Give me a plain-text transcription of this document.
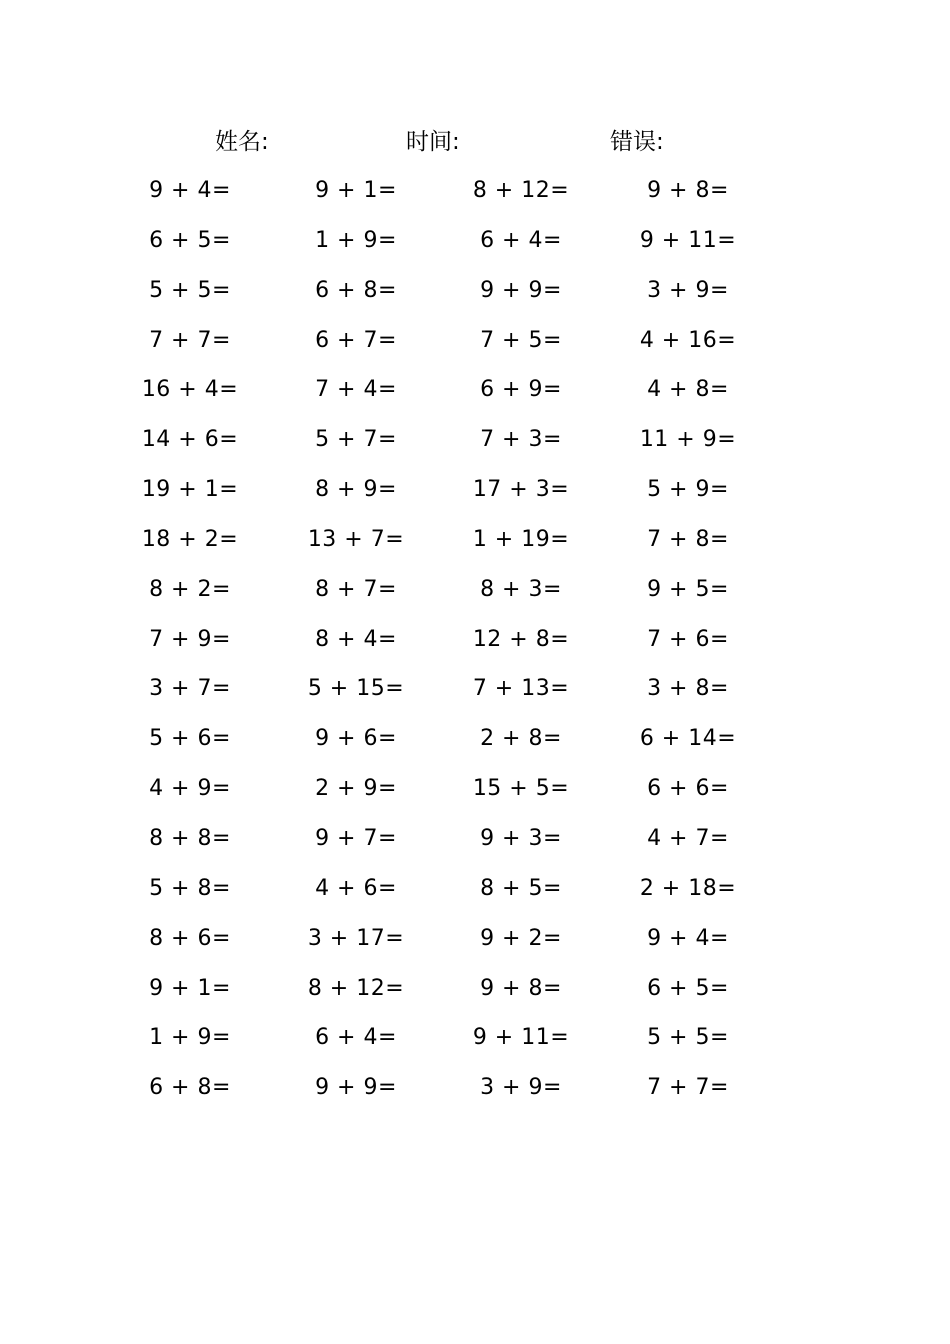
姓名:	时间:	错误:
9 + 4=	9 + 1=	8 + 12=	9 + 8=
6 + 5=	1 + 9=	6 + 4=	9 + 11=
5 + 5=	6 + 8=	9 + 9=	3 + 9=
7 + 7=	6 + 7=	7 + 5=	4 + 16=
16 + 4=	7 + 4=	6 + 9=	4 + 8=
14 + 6=	5 + 7=	7 + 3=	11 + 9=
19 + 1=	8 + 9=	17 + 3=	5 + 9=
18 + 2=	13 + 7=	1 + 19=	7 + 8=
8 + 2=	8 + 7=	8 + 3=	9 + 5=
7 + 9=	8 + 4=	12 + 8=	7 + 6=
3 + 7=	5 + 15=	7 + 13=	3 + 8=
5 + 6=	9 + 6=	2 + 8=	6 + 14=
4 + 9=	2 + 9=	15 + 5=	6 + 6=
8 + 8=	9 + 7=	9 + 3=	4 + 7=
5 + 8=	4 + 6=	8 + 5=	2 + 18=
8 + 6=	3 + 17=	9 + 2=	9 + 4=
9 + 1=	8 + 12=	9 + 8=	6 + 5=
1 + 9=	6 + 4=	9 + 11=	5 + 5=
6 + 8=	9 + 9=	3 + 9=	7 + 7=
